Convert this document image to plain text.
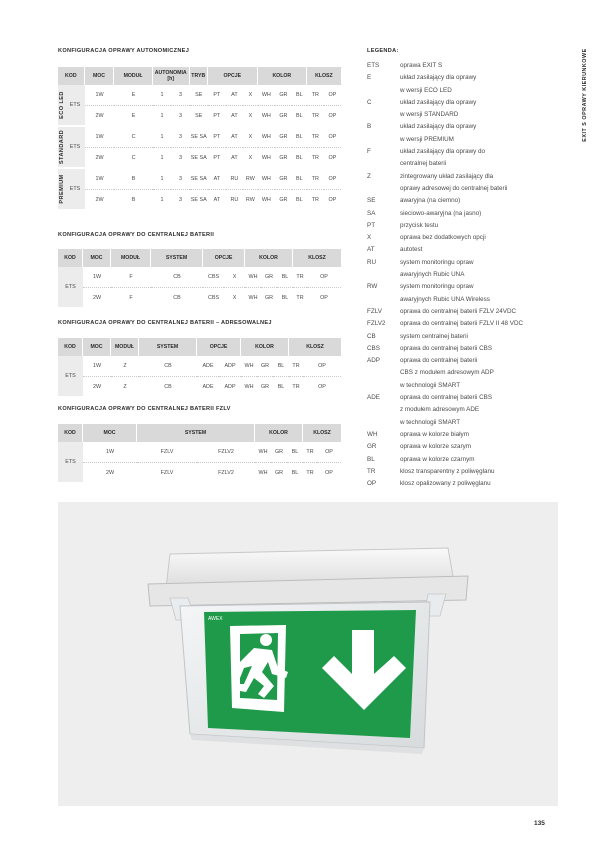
EXIT S OPRAWY KIERUNKOWE
KONFIGURACJA OPRAWY AUTONOMICZNEJ
KOD		MOC	MODUŁ	AUTONOMIA [h]		TRYB	OPCJE			KOLOR			KLOSZ	

ECO LED	ETS	1W	E	1	3	SE	PT	AT	X	WH	GR	BL	TR	OP
		2W	E	1	3	SE	PT	AT	X	WH	GR	BL	TR	OP

STANDARD	ETS	1W	C	1	3	SE SA	PT	AT	X	WH	GR	BL	TR	OP
		2W	C	1	3	SE SA	PT	AT	X	WH	GR	BL	TR	OP

PREMIUM	ETS	1W	B	1	3	SE SA	AT	RU	RW	WH	GR	BL	TR	OP
		2W	B	1	3	SE SA	AT	RU	RW	WH	GR	BL	TR	OP
KONFIGURACJA OPRAWY DO CENTRALNEJ BATERII
KOD	MOC	MODUŁ	SYSTEM	OPCJE		KOLOR			KLOSZ	
ETS	1W	F	CB	CBS	X	WH	GR	BL	TR	OP
	2W	F	CB	CBS	X	WH	GR	BL	TR	OP
KONFIGURACJA OPRAWY DO CENTRALNEJ BATERII – ADRESOWALNEJ
KOD	MOC	MODUŁ	SYSTEM	OPCJE		KOLOR			KLOSZ	
ETS	1W	Z	CB	ADE	ADP	WH	GR	BL	TR	OP
	2W	Z	CB	ADE	ADP	WH	GR	BL	TR	OP
KONFIGURACJA OPRAWY DO CENTRALNEJ BATERII FZLV
KOD	MOC	SYSTEM		KOLOR			KLOSZ	
ETS	1W	FZLV	FZLV2	WH	GR	BL	TR	OP
	2W	FZLV	FZLV2	WH	GR	BL	TR	OP
LEGENDA:
ETS	oprawa EXIT S
E	układ zasilający dla oprawy
w wersji ECO LED
C	układ zasilający dla oprawy
w wersji STANDARD
B	układ zasilający dla oprawy
w wersji PREMIUM
F	układ zasilający dla oprawy do
centralnej baterii
Z	zintegrowany układ zasilający dla
oprawy adresowej do centralnej baterii
SE	awaryjna (na ciemno)
SA	sieciowo-awaryjna (na jasno)
PT	przycisk testu
X	oprawa bez dodatkowych opcji
AT	autotest
RU	system monitoringu opraw
awaryjnych Rubic UNA
RW	system monitoringu opraw
awaryjnych Rubic UNA Wireless
FZLV	oprawa do centralnej baterii FZLV 24VDC
FZLV2	oprawa do centralnej baterii FZLV II 48 VDC
CB	system centralnej baterii
CBS	oprawa do centralnej baterii CBS
ADP	oprawa do centralnej baterii
CBS z modułem adresowym ADP
w technologii SMART
ADE	oprawa do centralnej baterii CBS
z modułem adresowym ADE
w technologii SMART
WH	oprawa w kolorze białym
GR	oprawa w kolorze szarym
BL	oprawa w kolorze czarnym
TR	klosz transparentny z poliwęglanu
OP	klosz opalizowany z poliwęglanu
AWEX
135
